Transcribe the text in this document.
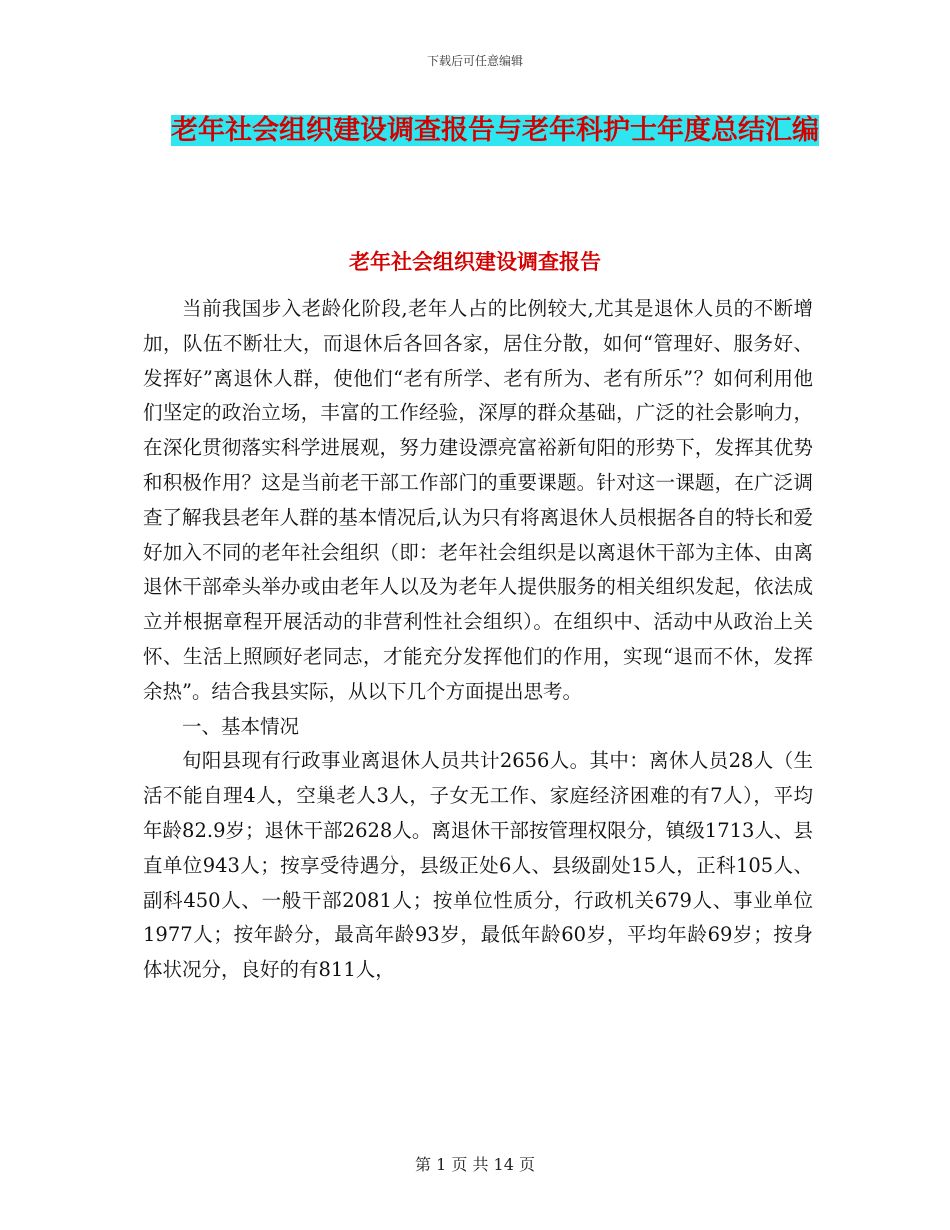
下载后可任意编辑
老年社会组织建设调查报告与老年科护士年度总结汇编
老年社会组织建设调查报告

当前我国步入老龄化阶段,老年人占的比例较大,尤其是退休人员的不断增加，队伍不断壮大，而退休后各回各家，居住分散，如何“管理好、服务好、发挥好”离退休人群，使他们“老有所学、老有所为、老有所乐”？如何利用他们坚定的政治立场，丰富的工作经验，深厚的群众基础，广泛的社会影响力，在深化贯彻落实科学进展观，努力建设漂亮富裕新旬阳的形势下，发挥其优势和积极作用？这是当前老干部工作部门的重要课题。针对这一课题，在广泛调查了解我县老年人群的基本情况后,认为只有将离退休人员根据各自的特长和爱好加入不同的老年社会组织（即：老年社会组织是以离退休干部为主体、由离退休干部牵头举办或由老年人以及为老年人提供服务的相关组织发起，依法成立并根据章程开展活动的非营利性社会组织）。在组织中、活动中从政治上关怀、生活上照顾好老同志，才能充分发挥他们的作用，实现“退而不休，发挥余热”。结合我县实际，从以下几个方面提出思考。

一、基本情况

旬阳县现有行政事业离退休人员共计2656人。其中：离休人员28人（生活不能自理4人，空巢老人3人，子女无工作、家庭经济困难的有7人），平均年龄82.9岁；退休干部2628人。离退休干部按管理权限分，镇级1713人、县直单位943人；按享受待遇分，县级正处6人、县级副处15人，正科105人、副科450人、一般干部2081人；按单位性质分，行政机关679人、事业单位1977人；按年龄分，最高年龄93岁，最低年龄60岁，平均年龄69岁；按身体状况分，良好的有811人，

第 1 页 共 14 页
